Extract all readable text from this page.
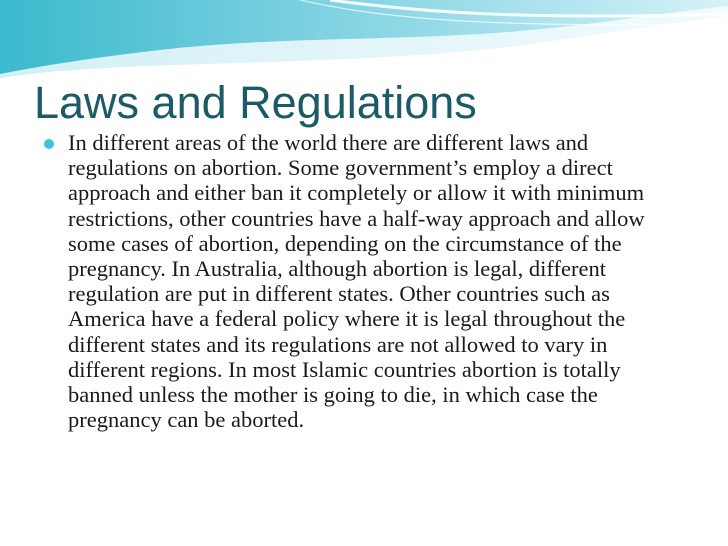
Laws and Regulations

In different areas of the world there are different laws and regulations on abortion. Some government’s employ a direct approach and either ban it completely or allow it with minimum restrictions, other countries have a half-way approach and allow some cases of abortion, depending on the circumstance of the pregnancy. In Australia, although abortion is legal, different regulation are put in different states. Other countries such as America have a federal policy where it is legal throughout the different states and its regulations are not allowed to vary in different regions. In most Islamic countries abortion is totally banned unless the mother is going to die, in which case the pregnancy can be aborted.
